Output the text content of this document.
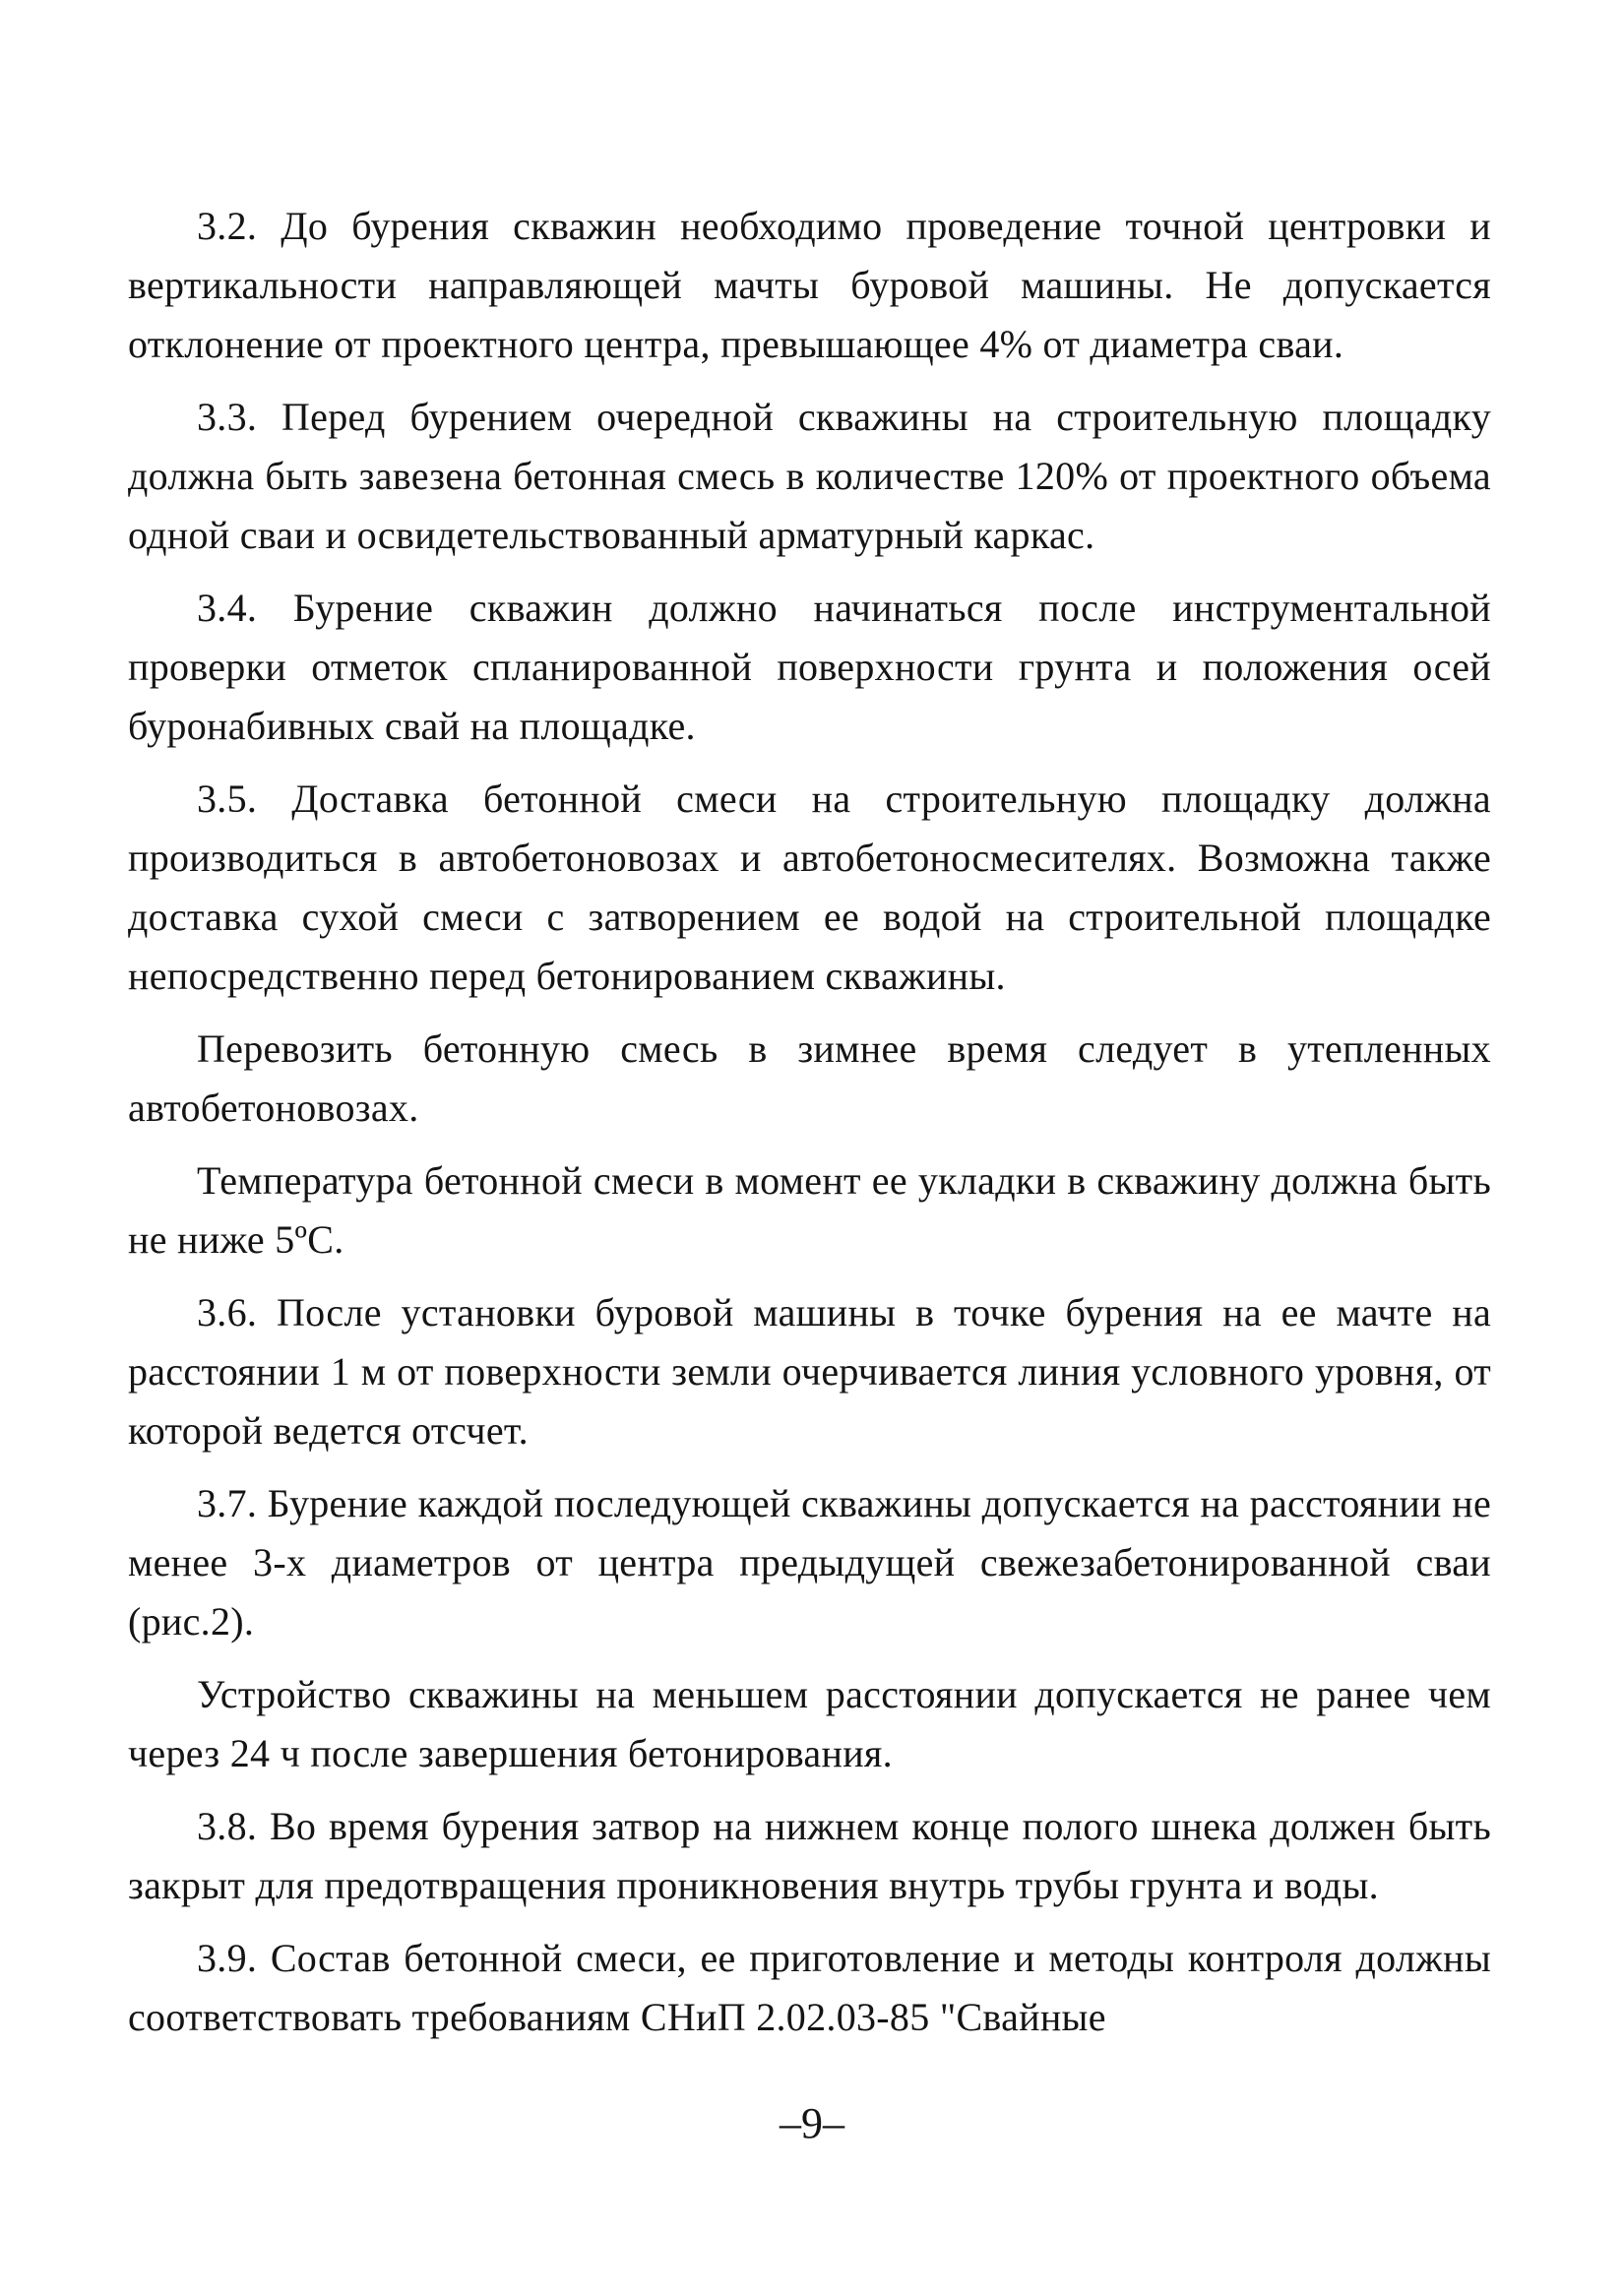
3.2. До бурения скважин необходимо проведение точной центровки и вертикальности направляющей мачты буровой машины. Не допускается отклонение от проектного центра, превышающее 4% от диаметра сваи.

3.3. Перед бурением очередной скважины на строительную площадку должна быть завезена бетонная смесь в количестве 120% от проектного объема одной сваи и освидетельствованный арматурный каркас.

3.4. Бурение скважин должно начинаться после инструментальной проверки отметок спланированной поверхности грунта и положения осей буронабивных свай на площадке.

3.5. Доставка бетонной смеси на строительную площадку должна производиться в автобетоновозах и автобетоносмесителях. Возможна также доставка сухой смеси с затворением ее водой на строительной площадке непосредственно перед бетонированием скважины.

Перевозить бетонную смесь в зимнее время следует в утепленных автобетоновозах.

Температура бетонной смеси в момент ее укладки в скважину должна быть не ниже 5ºС.

3.6. После установки буровой машины в точке бурения на ее мачте на расстоянии 1 м от поверхности земли очерчивается линия условного уровня, от которой ведется отсчет.

3.7. Бурение каждой последующей скважины допускается на расстоянии не менее 3-х диаметров от центра предыдущей свежезабетонированной сваи (рис.2).

Устройство скважины на меньшем расстоянии допускается не ранее чем через 24 ч после завершения бетонирования.

3.8. Во время бурения затвор на нижнем конце полого шнека должен быть закрыт для предотвращения проникновения внутрь трубы грунта и воды.

3.9. Состав бетонной смеси, ее приготовление и методы контроля должны соответствовать требованиям СНиП 2.02.03-85 "Свайные

–9–
